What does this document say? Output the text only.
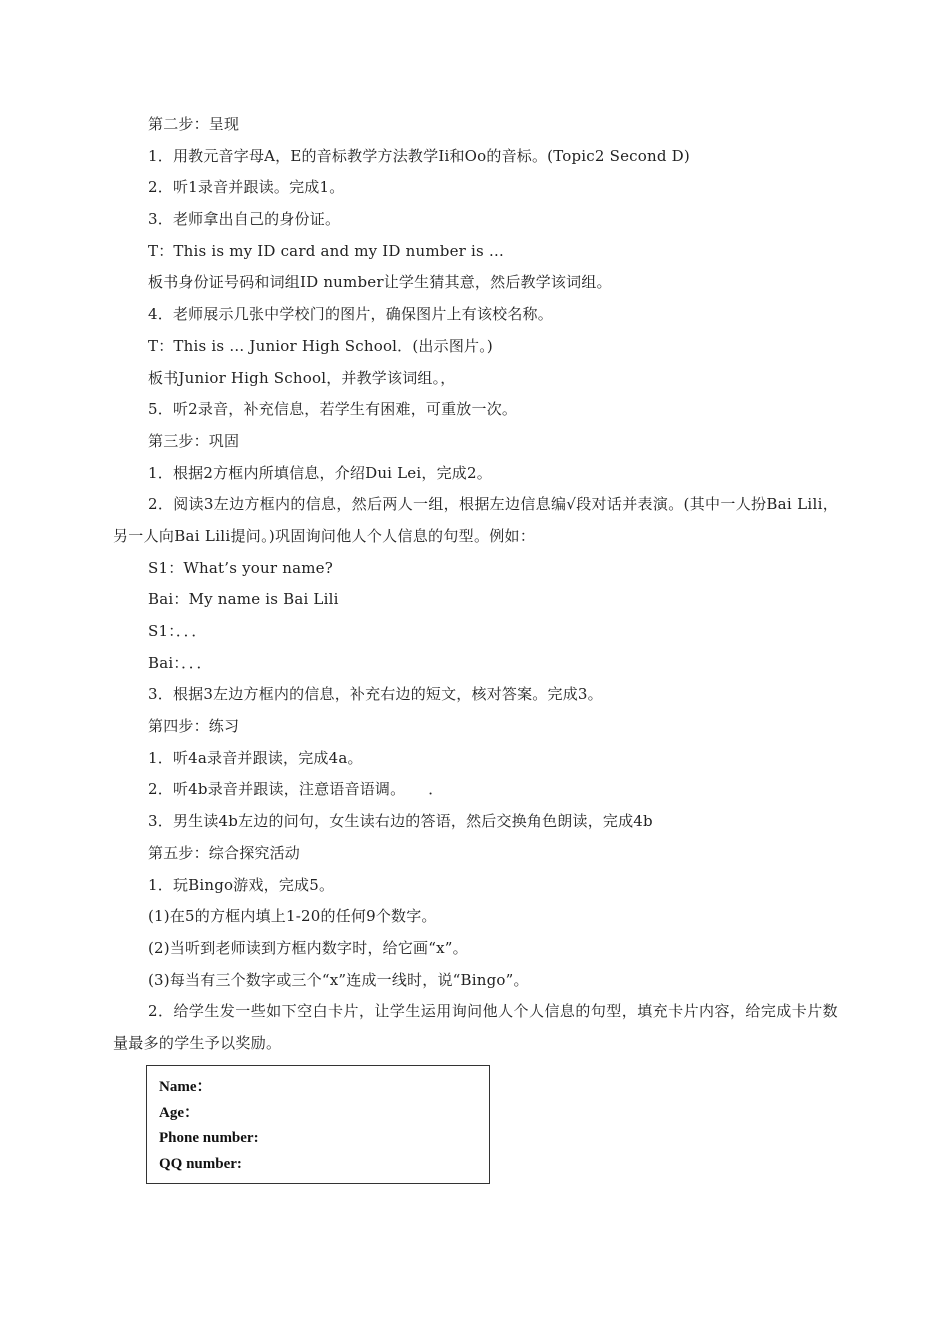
第二步：呈现
1．用教元音字母A，E的音标教学方法教学Ii和Oo的音标。(Topic2 Second D)
2．听1录音并跟读。完成1。
3．老师拿出自己的身份证。
T：This is my ID card and my ID number is …
板书身份证号码和词组ID number让学生猜其意，然后教学该词组。
4．老师展示几张中学校门的图片，确保图片上有该校名称。
T：This is … Junior High School．(出示图片。)
板书Junior High School，并教学该词组。，
5．听2录音，补充信息，若学生有困难，可重放一次。
第三步：巩固
1．根据2方框内所填信息，介绍Dui Lei，完成2。
2．阅读3左边方框内的信息，然后两人一组，根据左边信息编√段对话并表演。(其中一人扮Bai Lili，另一人向Bai Lili提问。)巩固询问他人个人信息的句型。例如：
S1：What’s your name?
Bai：My name is Bai Lili
S1：．．．
Bai：．．．
3．根据3左边方框内的信息，补充右边的短文，核对答案。完成3。
第四步：练习
1．听4a录音并跟读，完成4a。
2．听4b录音并跟读，注意语音语调。　　．
3．男生读4b左边的问句，女生读右边的答语，然后交换角色朗读，完成4b
第五步：综合探究活动
1．玩Bingo游戏，完成5。
(1)在5的方框内填上1-20的任何9个数字。
(2)当听到老师读到方框内数字时，给它画“x”。
(3)每当有三个数字或三个“x”连成一线时，说“Bingo”。
2．给学生发一些如下空白卡片，让学生运用询问他人个人信息的句型，填充卡片内容，给完成卡片数量最多的学生予以奖励。
Name：
Age：
Phone number:
QQ number:
